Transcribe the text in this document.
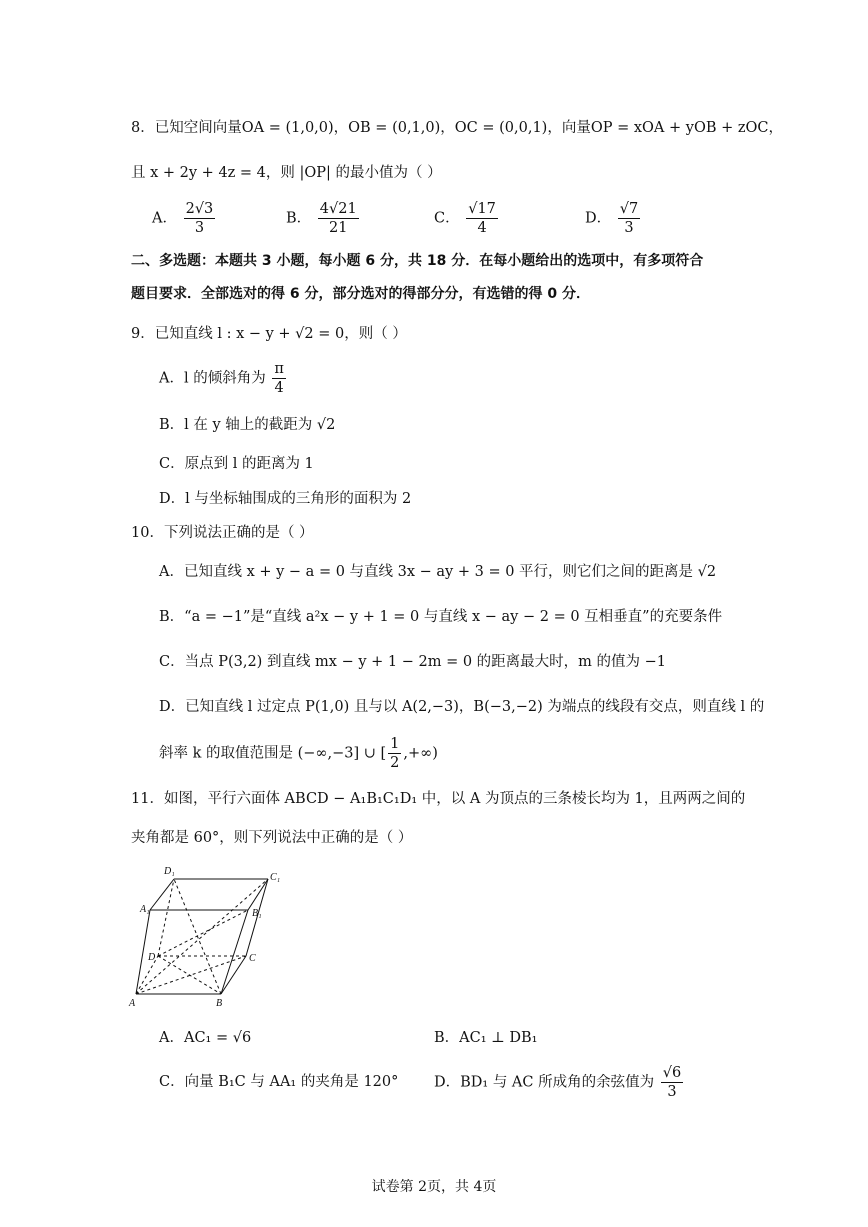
8．已知空间向量OA = (1,0,0)，OB = (0,1,0)，OC = (0,0,1)，向量OP = xOA + yOB + zOC，
且 x + 2y + 4z = 4，则 |OP| 的最小值为（ ）
A． $\frac{2√3}{3}$	B． $\frac{4√21}{21}$	C． $\frac{√17}{4}$	D． $\frac{√7}{3}$
二、多选题：本题共 3 小题，每小题 6 分，共 18 分．在每小题给出的选项中，有多项符合
题目要求．全部选对的得 6 分，部分选对的得部分分，有选错的得 0 分．
9．已知直线 l : x − y + √2 = 0，则（ ）
A．l 的倾斜角为 $\frac{\pi}{4}$
B．l 在 y 轴上的截距为 √2
C．原点到 l 的距离为 1
D．l 与坐标轴围成的三角形的面积为 2
10．下列说法正确的是（ ）
A．已知直线 x + y − a = 0 与直线 3x − ay + 3 = 0 平行，则它们之间的距离是 √2
B．“a = −1”是“直线 a²x − y + 1 = 0 与直线 x − ay − 2 = 0 互相垂直”的充要条件
C．当点 P(3,2) 到直线 mx − y + 1 − 2m = 0 的距离最大时，m 的值为 −1
D．已知直线 l 过定点 P(1,0) 且与以 A(2,−3)，B(−3,−2) 为端点的线段有交点，则直线 l 的
斜率 k 的取值范围是 (−∞,−3] ∪ [ $\frac{1}{2}$ ,+∞)
11．如图，平行六面体 ABCD − A₁B₁C₁D₁ 中，以 A 为顶点的三条棱长均为 1，且两两之间的
夹角都是 60°，则下列说法中正确的是（ ）
A	B
C
D
A₁	B₁
C₁
D₁
A．AC₁ = √6	B．AC₁ ⊥ DB₁
C．向量 B₁C 与 AA₁ 的夹角是 120° D．BD₁ 与 AC 所成角的余弦值为 $\frac{√6}{3}$
试卷第 2页，共 4页
